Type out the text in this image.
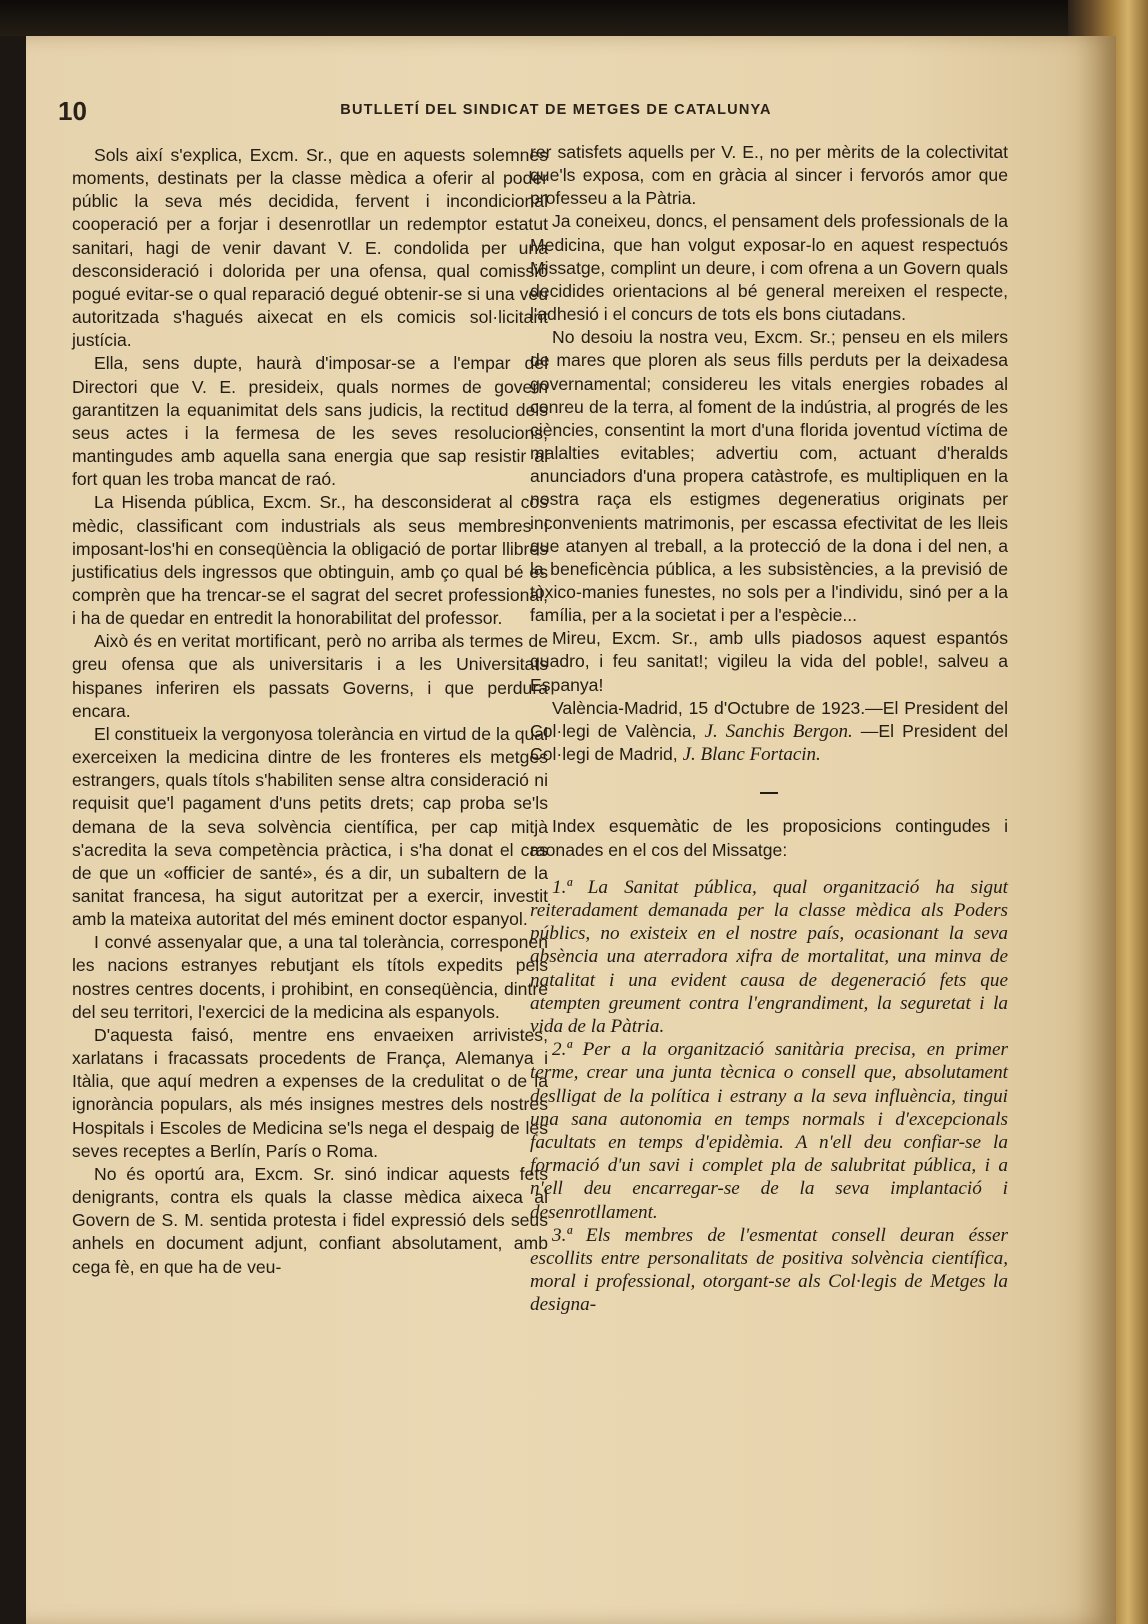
10	BUTLLETÍ DEL SINDICAT DE METGES DE CATALUNYA

Sols així s'explica, Excm. Sr., que en aquests solemnes moments, destinats per la classe mèdica a oferir al poder públic la seva més decidida, fervent i incondicional cooperació per a forjar i desenrotllar un redemptor estatut sanitari, hagi de venir davant V. E. condolida per una desconsideració i dolorida per una ofensa, qual comissió pogué evitar-se o qual reparació degué obtenir-se si una veu autoritzada s'hagués aixecat en els comicis sol·licitant justícia.

Ella, sens dupte, haurà d'imposar-se a l'empar del Directori que V. E. presideix, quals normes de govern garantitzen la equanimitat dels sans judicis, la rectitud dels seus actes i la fermesa de les seves resolucions, mantingudes amb aquella sana energia que sap resistir al fort quan les troba mancat de raó.

La Hisenda pública, Excm. Sr., ha desconsiderat al cos mèdic, classificant com industrials als seus membres i imposant-los'hi en conseqüència la obligació de portar llibres justificatius dels ingressos que obtinguin, amb ço qual bé es comprèn que ha trencar-se el sagrat del secret professional, i ha de quedar en entredit la honorabilitat del professor.

Això és en veritat mortificant, però no arriba als termes de greu ofensa que als universitaris i a les Universitats hispanes inferiren els passats Governs, i que perdura encara.

El constitueix la vergonyosa tolerància en virtud de la qual exerceixen la medicina dintre de les fronteres els metges estrangers, quals títols s'habiliten sense altra consideració ni requisit que'l pagament d'uns petits drets; cap proba se'ls demana de la seva solvència científica, per cap mitjà s'acredita la seva competència pràctica, i s'ha donat el cas de que un «officier de santé», és a dir, un subaltern de la sanitat francesa, ha sigut autoritzat per a exercir, investit amb la mateixa autoritat del més eminent doctor espanyol.

I convé assenyalar que, a una tal tolerància, corresponen les nacions estranyes rebutjant els títols expedits pels nostres centres docents, i prohibint, en conseqüència, dintre del seu territori, l'exercici de la medicina als espanyols.

D'aquesta faisó, mentre ens envaeixen arrivistes, xarlatans i fracassats procedents de França, Alemanya i Itàlia, que aquí medren a expenses de la credulitat o de la ignorància populars, als més insignes mestres dels nostres Hospitals i Escoles de Medicina se'ls nega el despaig de les seves receptes a Berlín, París o Roma.

No és oportú ara, Excm. Sr. sinó indicar aquests fets denigrants, contra els quals la classe mèdica aixeca al Govern de S. M. sentida protesta i fidel expressió dels seus anhels en document adjunt, confiant absolutament, amb cega fè, en que ha de veu-

rer satisfets aquells per V. E., no per mèrits de la colectivitat que'ls exposa, com en gràcia al sincer i fervorós amor que professeu a la Pàtria.

Ja coneixeu, doncs, el pensament dels professionals de la Medicina, que han volgut exposar-lo en aquest respectuós Missatge, complint un deure, i com ofrena a un Govern quals decidides orientacions al bé general mereixen el respecte, l'adhesió i el concurs de tots els bons ciutadans.

No desoiu la nostra veu, Excm. Sr.; penseu en els milers de mares que ploren als seus fills perduts per la deixadesa governamental; considereu les vitals energies robades al conreu de la terra, al foment de la indústria, al progrés de les ciències, consentint la mort d'una florida joventud víctima de malalties evitables; advertiu com, actuant d'heralds anunciadors d'una propera catàstrofe, es multipliquen en la nostra raça els estigmes degeneratius originats per inconvenients matrimonis, per escassa efectivitat de les lleis que atanyen al treball, a la protecció de la dona i del nen, a la beneficència pública, a les subsistències, a la previsió de tòxico-manies funestes, no sols per a l'individu, sinó per a la família, per a la societat i per a l'espècie...

Mireu, Excm. Sr., amb ulls piadosos aquest espantós quadro, i feu sanitat!; vigileu la vida del poble!, salveu a Espanya!

València-Madrid, 15 d'Octubre de 1923.—El President del Col·legi de València, J. Sanchis Bergon. —El President del Col·legi de Madrid, J. Blanc Fortacin.

Index esquemàtic de les proposicions contingudes i raonades en el cos del Missatge:

1.ª La Sanitat pública, qual organització ha sigut reiteradament demanada per la classe mèdica als Poders públics, no existeix en el nostre país, ocasionant la seva absència una aterradora xifra de mortalitat, una minva de natalitat i una evident causa de degeneració fets que atempten greument contra l'engrandiment, la seguretat i la vida de la Pàtria.

2.ª Per a la organització sanitària precisa, en primer terme, crear una junta tècnica o consell que, absolutament deslligat de la política i estrany a la seva influència, tingui una sana autonomia en temps normals i d'excepcionals facultats en temps d'epidèmia. A n'ell deu confiar-se la formació d'un savi i complet pla de salubritat pública, i a n'ell deu encarregar-se de la seva implantació i desenrotllament.

3.ª Els membres de l'esmentat consell deuran ésser escollits entre personalitats de positiva solvència científica, moral i professional, otorgant-se als Col·legis de Metges la designa-
